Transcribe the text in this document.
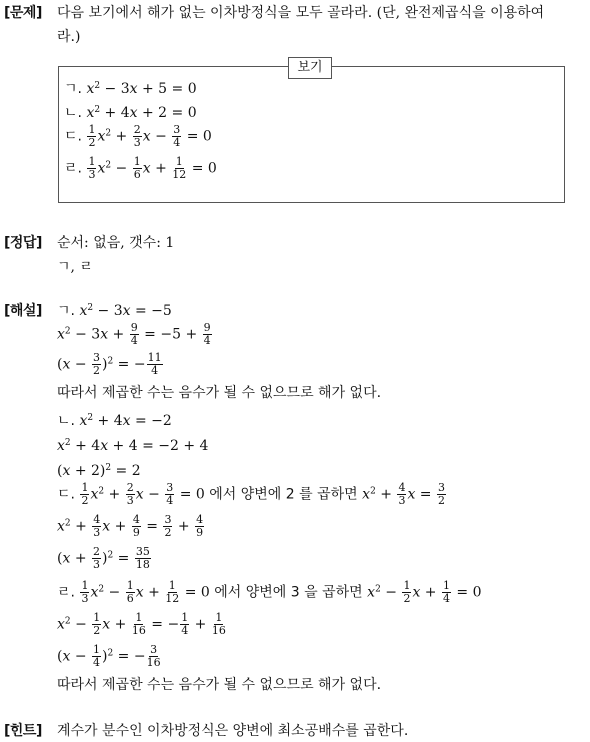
[문제] 다음 보기에서 해가 없는 이차방정식을 모두 골라라. (단, 완전제곱식을 이용하여
라.)
보기
ㄱ. $x^2 - 3x + 5 = 0$
ㄴ. $x^2 + 4x + 2 = 0$
ㄷ. $\frac{1}{2} x^2 + \frac{2}{3}$ $x - \frac{3}{4} = 0$
ㄹ. $\frac{1}{3} x^2 - \frac{1}{6}$ $x + \frac{1}{12} = 0$
[정답] 순서: 없음, 갯수: 1
ㄱ, ㄹ
[해설] ㄱ. $x^2 - 3x = -5$
$x^2 - 3x + \frac{9}{4} = -5 + \frac{9}{4}$
$(x - \frac{3}{2} )^2$ = − $\frac{11}{4}$
따라서 제곱한 수는 음수가 될 수 없으므로 해가 없다.
ㄴ. $x^2 + 4x = -2$
$x^2 + 4x + 4 = -2 + 4$
$(x + 2)^2 = 2$
ㄷ. $\frac{1}{2} x^2 + \frac{2}{3}$ $x - \frac{3}{4} = 0$ 에서 양변에 2 를 곱하면 $x^2 + \frac{4}{3}$ $x = \frac{3}{2}$
$x^2 + \frac{4}{3}$ $x + \frac{4}{9} = \frac{3}{2} + \frac{4}{9}$
$(x + \frac{2}{3} )^2 = \frac{35}{18}$
ㄹ. $\frac{1}{3} x^2 - \frac{1}{6}$ $x + \frac{1}{12} = 0$ 에서 양변에 3 을 곱하면 $x^2 - \frac{1}{2}$ $x + \frac{1}{4} = 0$
$x^2 - \frac{1}{2}$ $x + \frac{1}{16}$ = − $\frac{1}{4} + \frac{1}{16}$
$(x - \frac{1}{4} )^2$ = − $\frac{3}{16}$
따라서 제곱한 수는 음수가 될 수 없으므로 해가 없다.
[힌트] 계수가 분수인 이차방정식은 양변에 최소공배수를 곱한다.
